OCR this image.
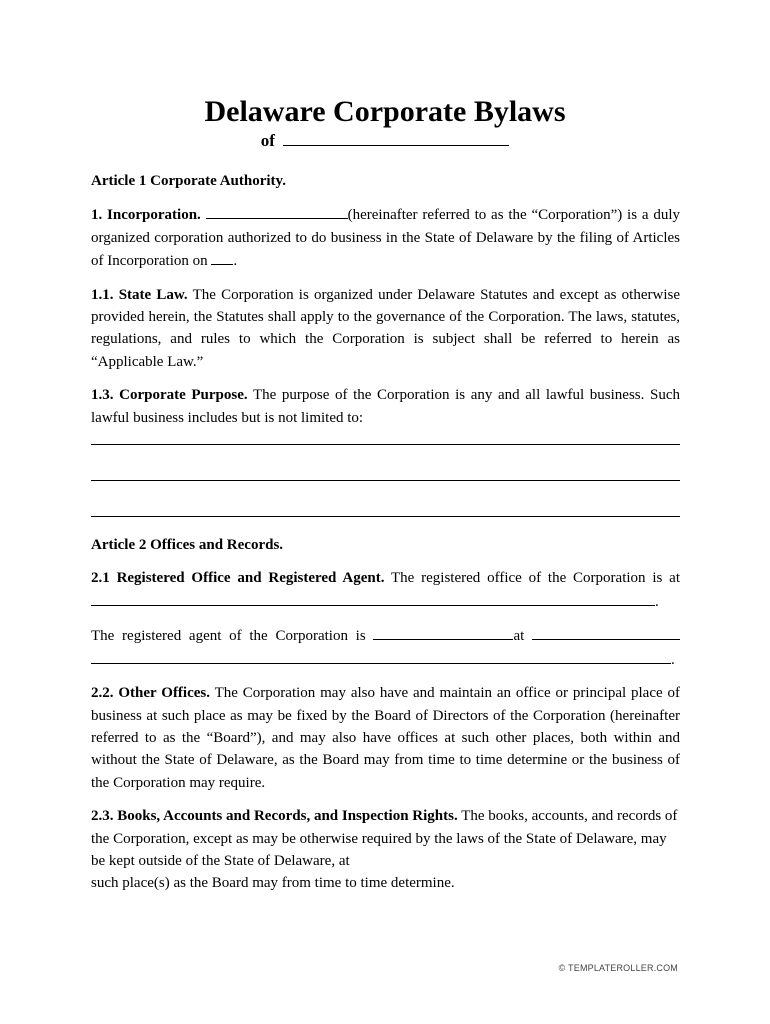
Delaware Corporate Bylaws
of
Article 1 Corporate Authority.

1. Incorporation.	(hereinafter referred to as the “Corporation”) is a duly organized corporation authorized to do business in the State of Delaware by the filing of Articles of Incorporation on .

1.1. State Law. The Corporation is organized under Delaware Statutes and except as otherwise provided herein, the Statutes shall apply to the governance of the Corporation. The laws, statutes, regulations, and rules to which the Corporation is subject shall be referred to herein as “Applicable Law.”

1.3. Corporate Purpose. The purpose of the Corporation is any and all lawful business. Such lawful business includes but is not limited to:

Article 2 Offices and Records.

2.1 Registered Office and Registered Agent. The registered office of the Corporation is at .

The registered agent of the Corporation is	at  .

2.2. Other Offices. The Corporation may also have and maintain an office or principal place of business at such place as may be fixed by the Board of Directors of the Corporation (hereinafter referred to as the “Board”), and may also have offices at such other places, both within and without the State of Delaware, as the Board may from time to time determine or the business of the Corporation may require.

2.3. Books, Accounts and Records, and Inspection Rights. The books, accounts, and records of the Corporation, except as may be otherwise required by the laws of the State of Delaware, may be kept outside of the State of Delaware, at
such place(s) as the Board may from time to time determine.

© TEMPLATEROLLER.COM
